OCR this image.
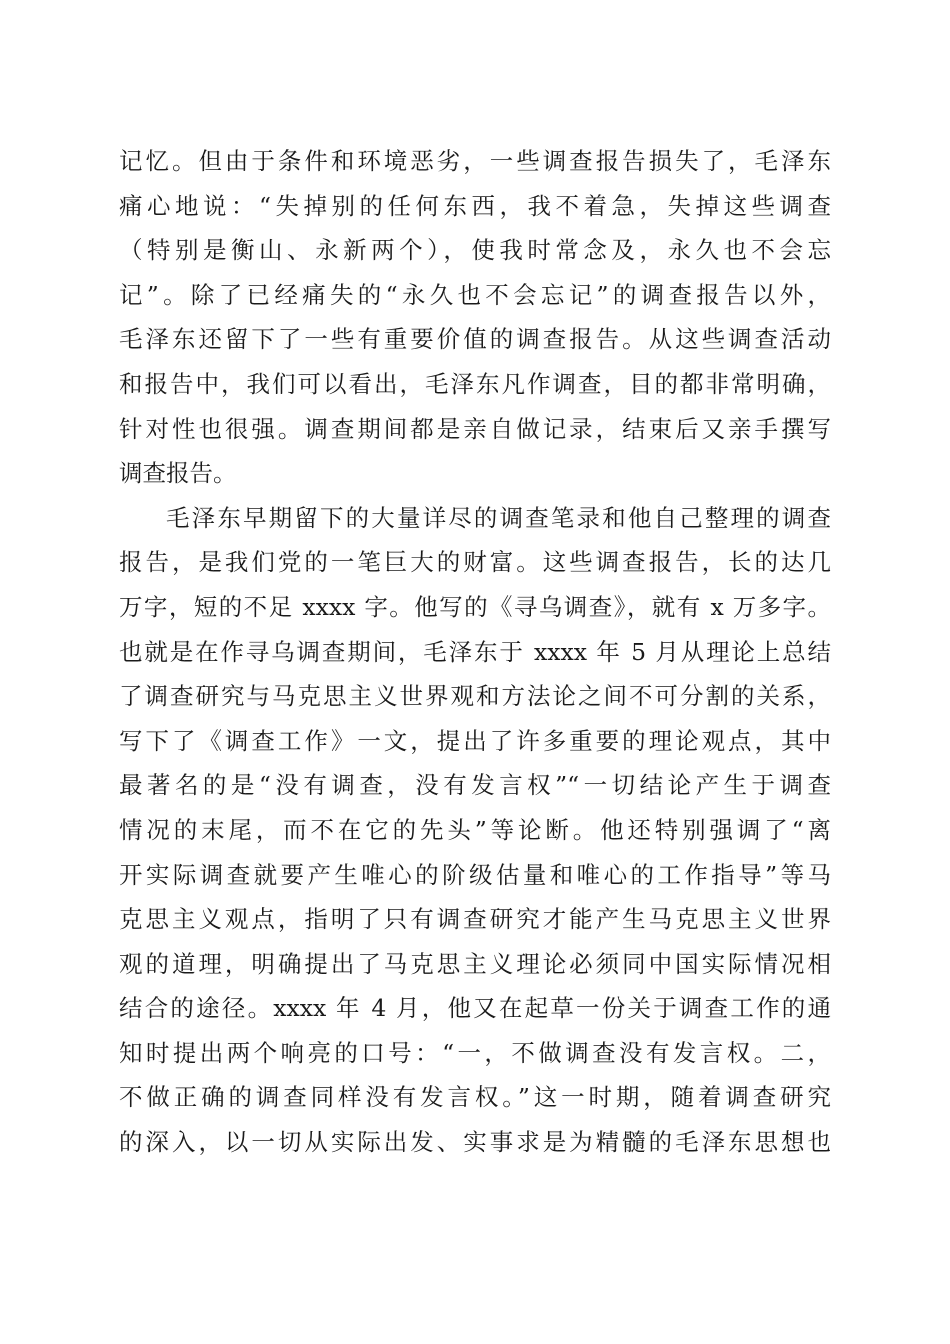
记忆。但由于条件和环境恶劣，一些调查报告损失了，毛泽东
痛心地说：“失掉别的任何东西，我不着急，失掉这些调查
（特别是衡山、永新两个），使我时常念及，永久也不会忘
记”。除了已经痛失的“永久也不会忘记”的调查报告以外，
毛泽东还留下了一些有重要价值的调查报告。从这些调查活动
和报告中，我们可以看出，毛泽东凡作调查，目的都非常明确，
针对性也很强。调查期间都是亲自做记录，结束后又亲手撰写
调查报告。
毛泽东早期留下的大量详尽的调查笔录和他自己整理的调查
报告，是我们党的一笔巨大的财富。这些调查报告，长的达几
万字，短的不足 xxxx 字。他写的《寻乌调查》，就有 x 万多字。
也就是在作寻乌调查期间，毛泽东于 xxxx 年 5 月从理论上总结
了调查研究与马克思主义世界观和方法论之间不可分割的关系，
写下了《调查工作》一文，提出了许多重要的理论观点，其中
最著名的是“没有调查，没有发言权”“一切结论产生于调查
情况的末尾，而不在它的先头”等论断。他还特别强调了“离
开实际调查就要产生唯心的阶级估量和唯心的工作指导”等马
克思主义观点，指明了只有调查研究才能产生马克思主义世界
观的道理，明确提出了马克思主义理论必须同中国实际情况相
结合的途径。xxxx 年 4 月，他又在起草一份关于调查工作的通
知时提出两个响亮的口号：“一，不做调查没有发言权。二，
不做正确的调查同样没有发言权。”这一时期，随着调查研究
的深入，以一切从实际出发、实事求是为精髓的毛泽东思想也
